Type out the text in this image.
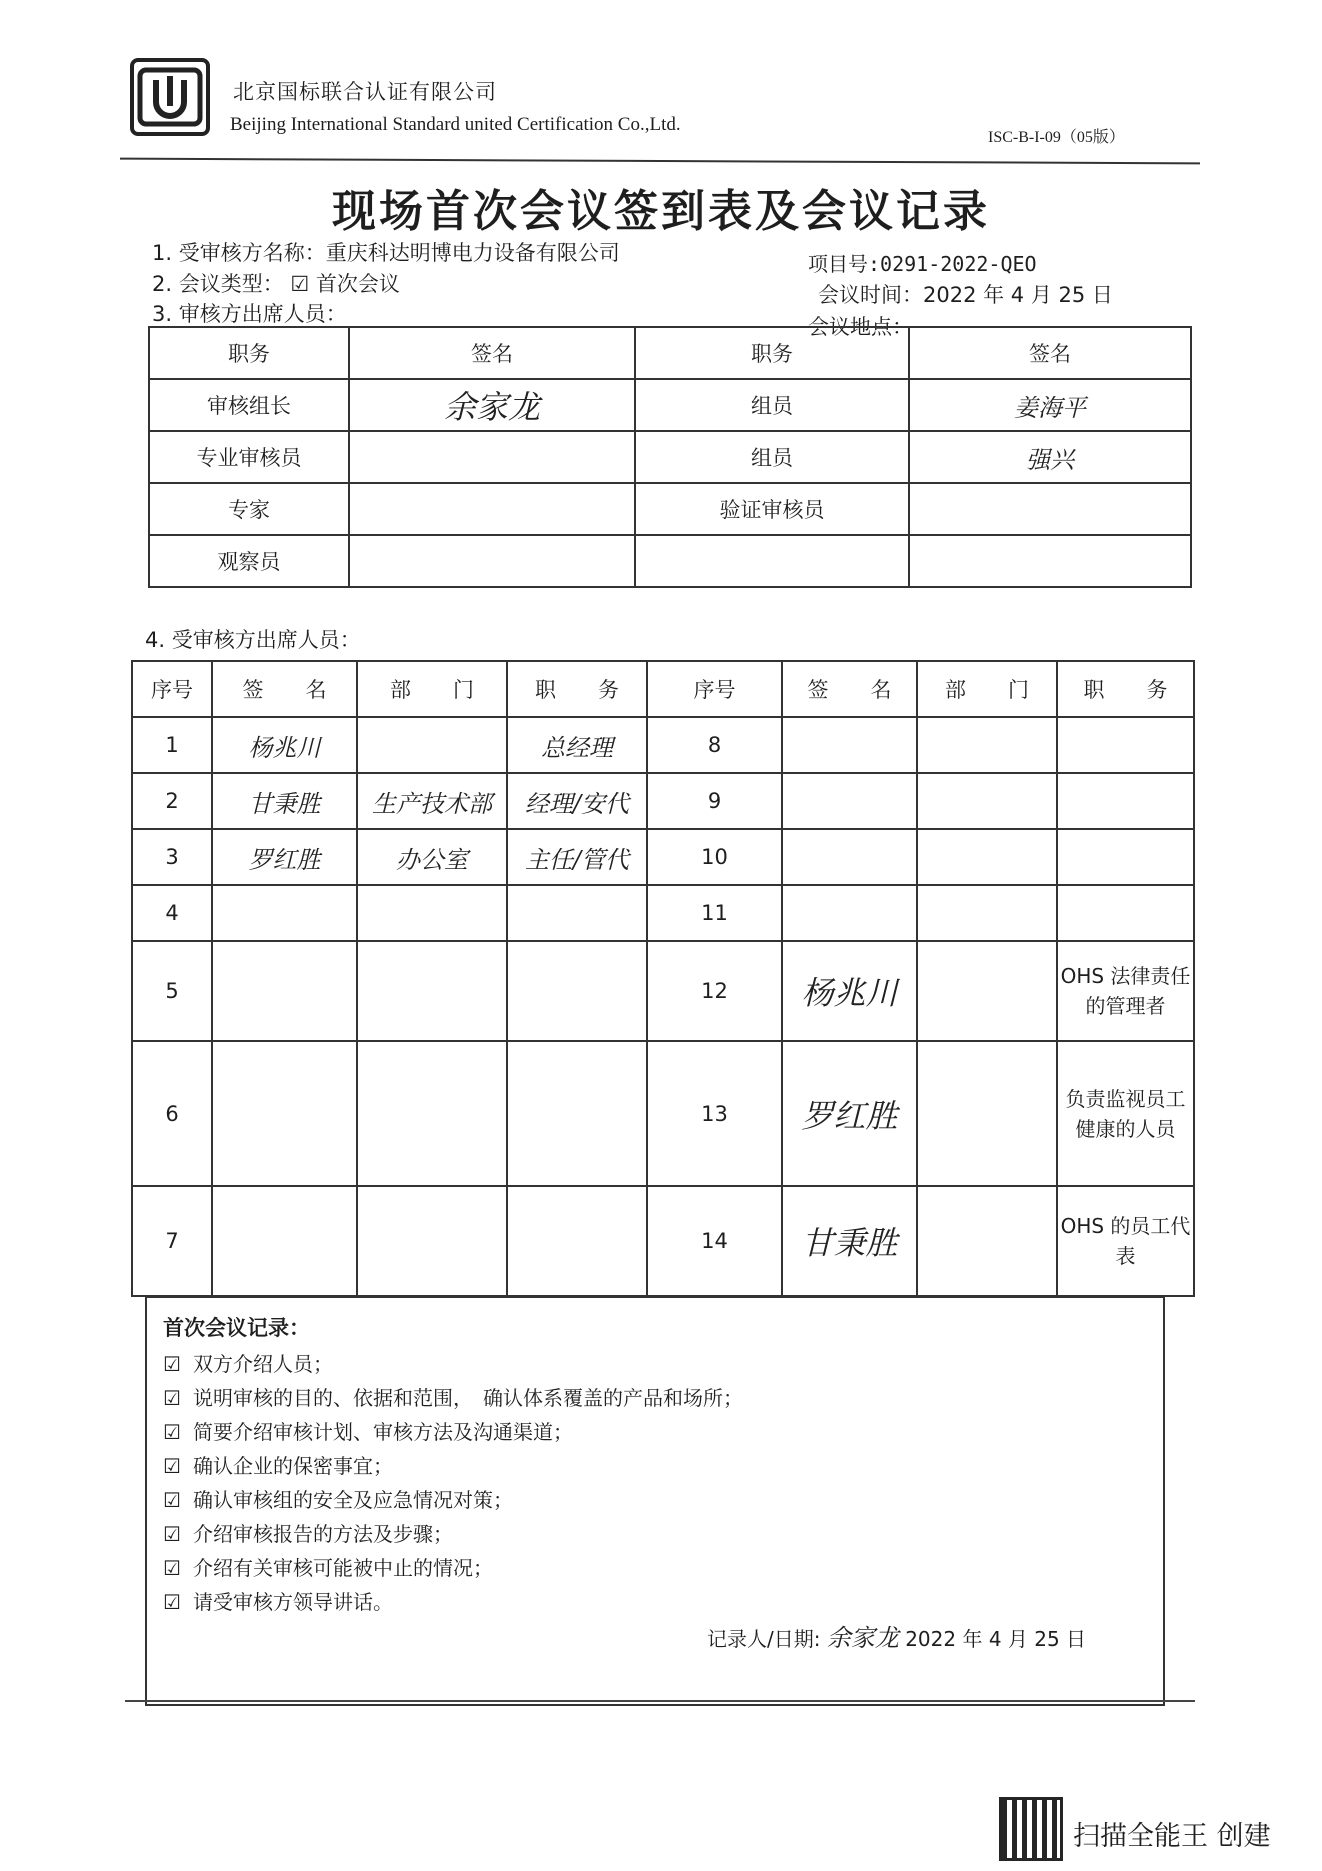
北京国标联合认证有限公司
Beijing International Standard united Certification Co.,Ltd.
ISC-B-I-09（05版）
现场首次会议签到表及会议记录
1. 受审核方名称：重庆科达明博电力设备有限公司	项目号:0291-2022-QEO
2. 会议类型： ☑ 首次会议	会议时间：2022 年 4 月 25 日
3. 审核方出席人员：
会议地点：
职务	签名	职务	签名
审核组长	余家龙	组员	姜海平
专业审核员		组员	强兴
专家		验证审核员	
观察员			
4. 受审核方出席人员：
序号	签　　名	部　　门	职　　务	序号	签　　名	部　　门	职　　务
1	杨兆川		总经理	8			
2	甘秉胜	生产技术部	经理/安代	9			
3	罗红胜	办公室	主任/管代	10			
4				11			
5				12	杨兆川		OHS 法律责任的管理者
6				13	罗红胜		负责监视员工健康的人员
7				14	甘秉胜		OHS 的员工代表
首次会议记录：
☑ 双方介绍人员；
☑ 说明审核的目的、依据和范围，　确认体系覆盖的产品和场所；
☑ 简要介绍审核计划、审核方法及沟通渠道；
☑ 确认企业的保密事宜；
☑ 确认审核组的安全及应急情况对策；
☑ 介绍审核报告的方法及步骤；
☑ 介绍有关审核可能被中止的情况；
☑ 请受审核方领导讲话。
记录人/日期: 余家龙 2022 年 4 月 25 日
扫描全能王 创建
